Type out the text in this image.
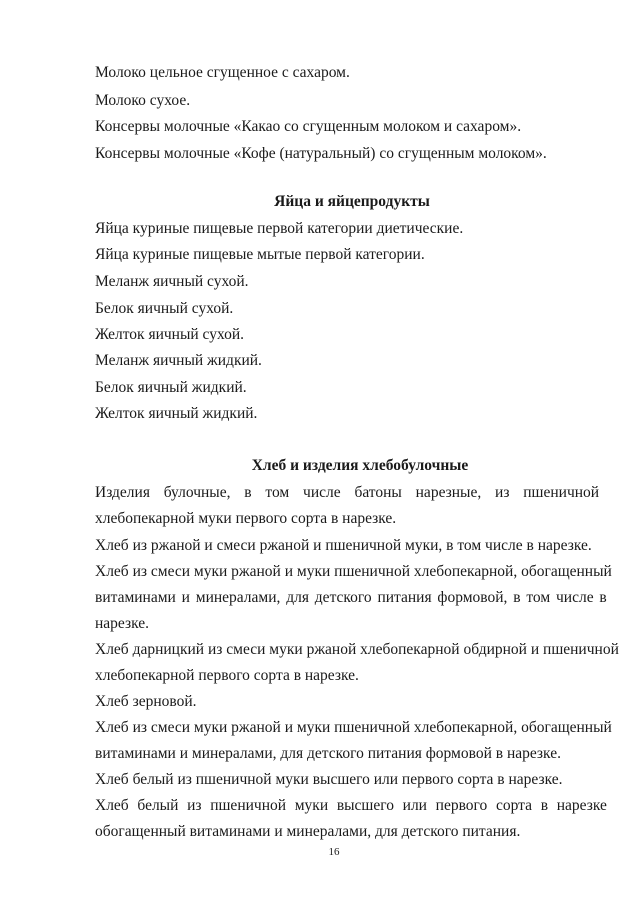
Молоко цельное сгущенное с сахаром.
Молоко сухое.
Консервы молочные «Какао со сгущенным молоком и сахаром».
Консервы молочные «Кофе (натуральный) со сгущенным молоком».
Яйца и яйцепродукты
Яйца куриные пищевые первой категории диетические.
Яйца куриные пищевые мытые первой категории.
Меланж яичный сухой.
Белок яичный сухой.
Желток яичный сухой.
Меланж яичный жидкий.
Белок яичный жидкий.
Желток яичный жидкий.
Хлеб и изделия хлебобулочные
Изделия булочные, в том числе батоны нарезные, из пшеничной
хлебопекарной муки первого сорта в нарезке.
Хлеб из ржаной и смеси ржаной и пшеничной муки, в том числе в нарезке.
Хлеб из смеси муки ржаной и муки пшеничной хлебопекарной, обогащенный
витаминами и минералами, для детского питания формовой, в том числе в
нарезке.
Хлеб дарницкий из смеси муки ржаной хлебопекарной обдирной и пшеничной
хлебопекарной первого сорта в нарезке.
Хлеб зерновой.
Хлеб из смеси муки ржаной и муки пшеничной хлебопекарной, обогащенный
витаминами и минералами, для детского питания формовой в нарезке.
Хлеб белый из пшеничной муки высшего или первого сорта в нарезке.
Хлеб белый из пшеничной муки высшего или первого сорта в нарезке
обогащенный витаминами и минералами, для детского питания.
16
